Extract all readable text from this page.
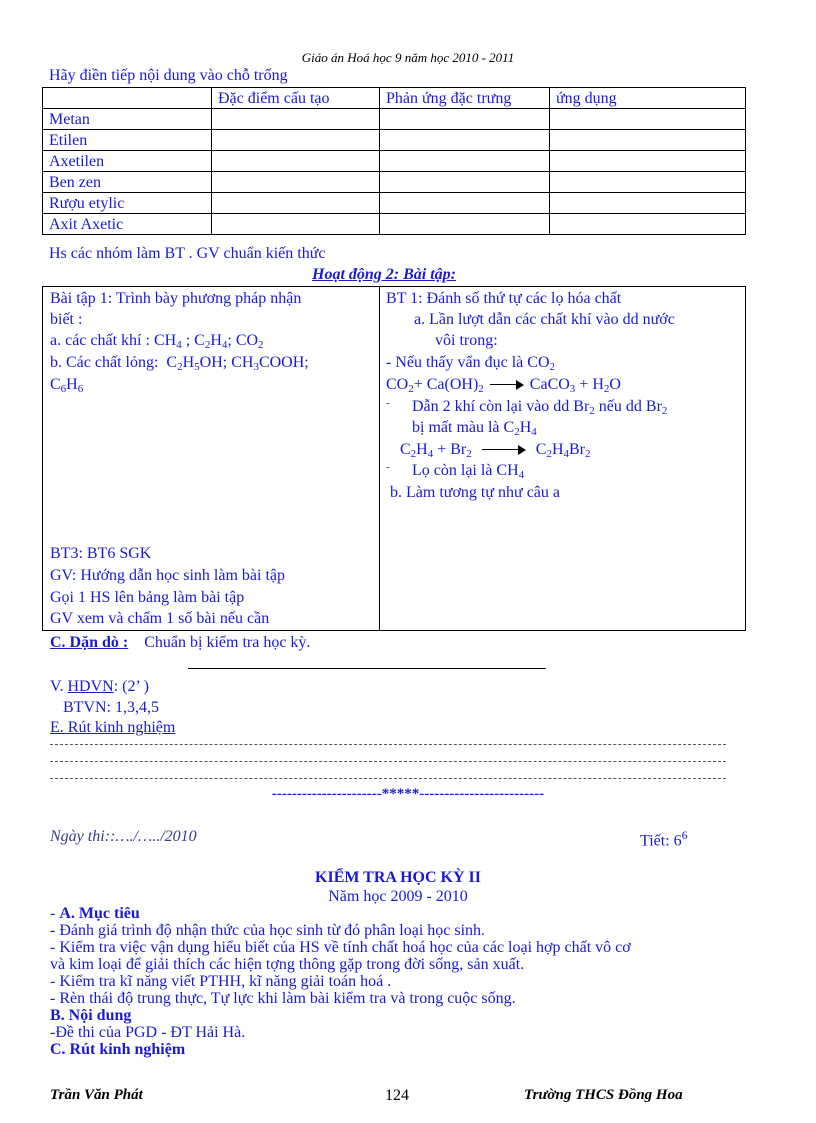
Giáo án Hoá học 9 năm học 2010 - 2011
Hãy điền tiếp nội dung vào chỗ trống
	Đặc điểm cấu tạo	Phản ứng đặc trưng	ứng dụng
Metan			
Etilen			
Axetilen			
Ben zen			
Rượu etylic			
Axit Axetic			
Hs các nhóm làm BT . GV chuẩn kiến thức
Hoạt động 2: Bài tập:
Bài tập 1: Trình bày phương pháp nhận
biết :
a. các chất khí : $CH_4$ ; $C_2H_4$; $CO_2$
b. Các chất lỏng:  $C_2H_5OH$; $CH_3COOH$;
$C_6H_6$
BT3: BT6 SGK
GV: Hướng dẫn học sinh làm bài tập
Gọi 1 HS lên bảng làm bài tập
GV xem và chấm 1 số bài nếu cần
BT 1: Đánh số thứ tự các lọ hóa chất
a. Lần lượt dẫn các chất khí vào dd nước
vôi trong:
- Nếu thấy vẩn đục là $CO_2$
$CO_2+ Ca(OH)_2$	CaCO$_3$ + $H_2O$
- Dẫn 2 khí còn lại vào dd $Br_2$ nếu dd $Br_2$
bị mất màu là $C_2H_4$
$C_2H_4 + Br_2$	$C_2H_4Br_2$
- Lọ còn lại là $CH_4$
b. Làm tương tự như câu a
C. Dặn dò : Chuẩn bị kiểm tra học kỳ.
V. HDVN: (2’ )
BTVN: 1,3,4,5
E. Rút kinh nghiệm
----------------------*****-------------------------
Ngày thi::…./…../2010	Tiết: $6^6$
KIỂM TRA HỌC KỲ II
Năm học 2009 - 2010
- A. Mục tiêu
- Đánh giá trình độ nhận thức của học sinh từ đó phân loại học sinh.
- Kiểm tra việc vận dụng hiểu biết của HS về tính chất hoá học của các loại hợp chất vô cơ
và kim loại để giải thích các hiện tợng thông gặp trong đời sống, sản xuất.
- Kiểm tra kĩ năng viết PTHH, kĩ năng giải toán hoá .
- Rèn thái độ trung thực, Tự lực khi làm bài kiểm tra và trong cuộc sống.
B. Nội dung
-Đề thi của PGD - ĐT Hải Hà.
C. Rút kinh nghiệm
Trần Văn Phát	124	Trường THCS Đồng Hoa
